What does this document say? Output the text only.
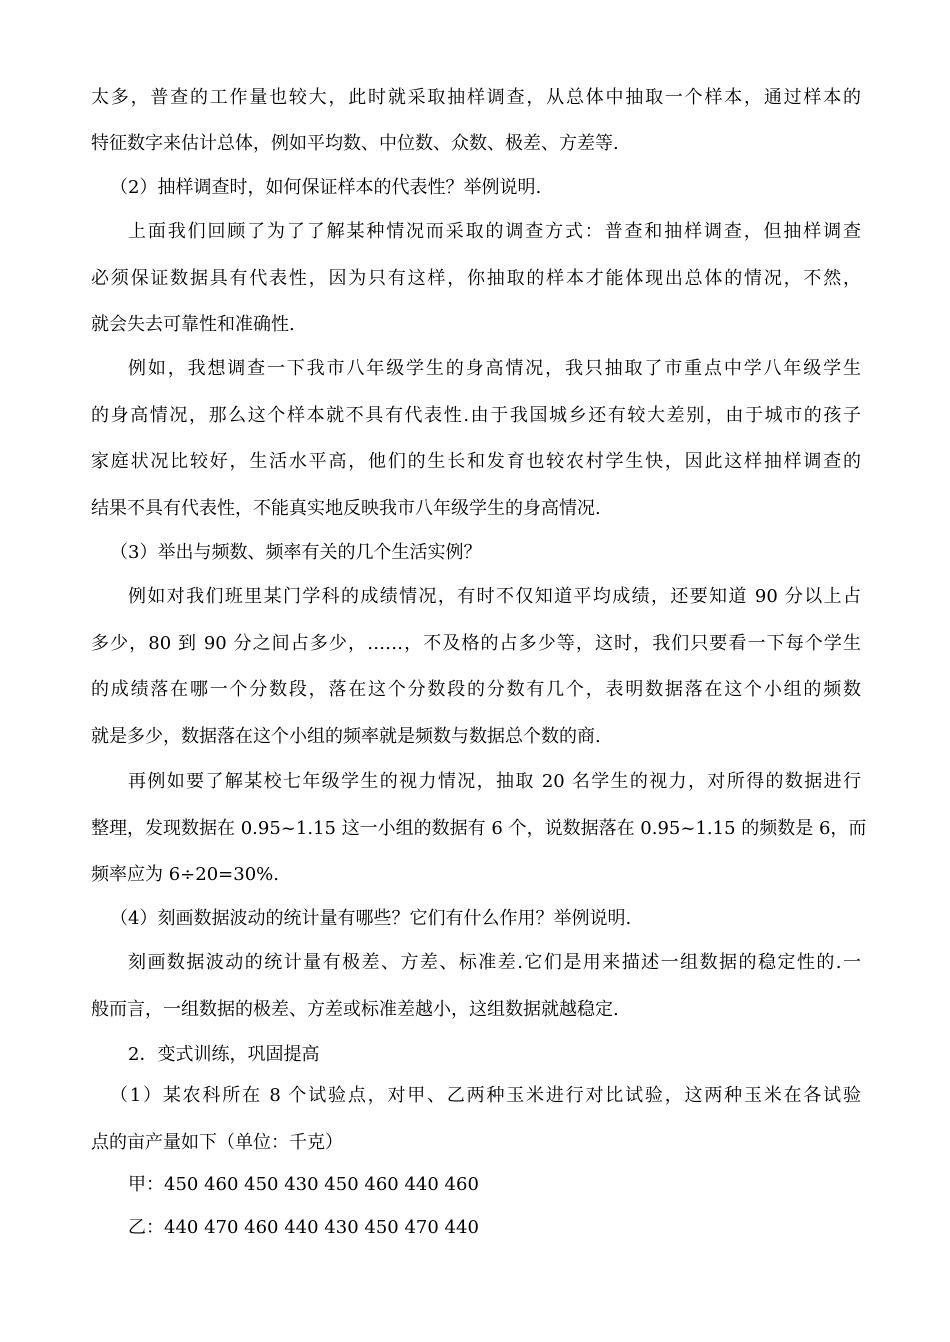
太多，普查的工作量也较大，此时就采取抽样调查，从总体中抽取一个样本，通过样本的
特征数字来估计总体，例如平均数、中位数、众数、极差、方差等.
（2）抽样调查时，如何保证样本的代表性？举例说明.
上面我们回顾了为了了解某种情况而采取的调查方式：普查和抽样调查，但抽样调查
必须保证数据具有代表性，因为只有这样，你抽取的样本才能体现出总体的情况，不然，
就会失去可靠性和准确性.
例如，我想调查一下我市八年级学生的身高情况，我只抽取了市重点中学八年级学生
的身高情况，那么这个样本就不具有代表性.由于我国城乡还有较大差别，由于城市的孩子
家庭状况比较好，生活水平高，他们的生长和发育也较农村学生快，因此这样抽样调查的
结果不具有代表性，不能真实地反映我市八年级学生的身高情况.
（3）举出与频数、频率有关的几个生活实例？
例如对我们班里某门学科的成绩情况，有时不仅知道平均成绩，还要知道 90 分以上占
多少，80 到 90 分之间占多少，……，不及格的占多少等，这时，我们只要看一下每个学生
的成绩落在哪一个分数段，落在这个分数段的分数有几个，表明数据落在这个小组的频数
就是多少，数据落在这个小组的频率就是频数与数据总个数的商.
再例如要了解某校七年级学生的视力情况，抽取 20 名学生的视力，对所得的数据进行
整理，发现数据在 0.95~1.15 这一小组的数据有 6 个，说数据落在 0.95~1.15 的频数是 6，而
频率应为 6÷20=30%.
（4）刻画数据波动的统计量有哪些？它们有什么作用？举例说明.
刻画数据波动的统计量有极差、方差、标准差.它们是用来描述一组数据的稳定性的.一
般而言，一组数据的极差、方差或标准差越小，这组数据就越稳定.
2．变式训练，巩固提高
（1）某农科所在 8 个试验点，对甲、乙两种玉米进行对比试验，这两种玉米在各试验
点的亩产量如下（单位：千克）
甲：450 460 450 430 450 460 440 460
乙：440 470 460 440 430 450 470 440
